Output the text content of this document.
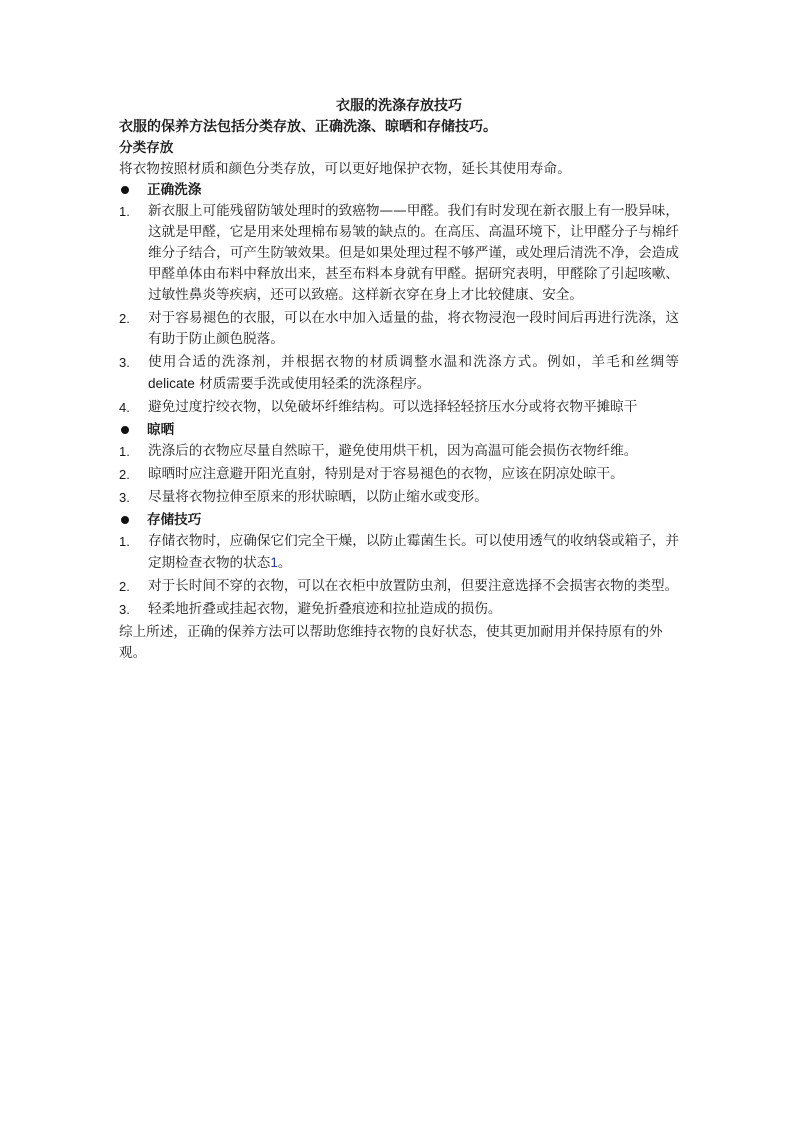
衣服的洗涤存放技巧

衣服的保养方法包括分类存放、正确洗涤、晾晒和存储技巧。

分类存放

将衣物按照材质和颜色分类存放，可以更好地保护衣物，延长其使用寿命。

正确洗涤

1. 新衣服上可能残留防皱处理时的致癌物——甲醛。我们有时发现在新衣服上有一股异味，这就是甲醛，它是用来处理棉布易皱的缺点的。在高压、高温环境下，让甲醛分子与棉纤维分子结合，可产生防皱效果。但是如果处理过程不够严谨，或处理后清洗不净，会造成甲醛单体由布料中释放出来，甚至布料本身就有甲醛。据研究表明，甲醛除了引起咳嗽、过敏性鼻炎等疾病，还可以致癌。这样新衣穿在身上才比较健康、安全。
2. 对于容易褪色的衣服，可以在水中加入适量的盐，将衣物浸泡一段时间后再进行洗涤，这有助于防止颜色脱落。
3. 使用合适的洗涤剂，并根据衣物的材质调整水温和洗涤方式。例如，羊毛和丝绸等 delicate 材质需要手洗或使用轻柔的洗涤程序。
4. 避免过度拧绞衣物，以免破坏纤维结构。可以选择轻轻挤压水分或将衣物平摊晾干

晾晒

1. 洗涤后的衣物应尽量自然晾干，避免使用烘干机，因为高温可能会损伤衣物纤维。
2. 晾晒时应注意避开阳光直射，特别是对于容易褪色的衣物，应该在阴凉处晾干。
3. 尽量将衣物拉伸至原来的形状晾晒，以防止缩水或变形。

存储技巧

1. 存储衣物时，应确保它们完全干燥，以防止霉菌生长。可以使用透气的收纳袋或箱子，并定期检查衣物的状态1。
2. 对于长时间不穿的衣物，可以在衣柜中放置防虫剂，但要注意选择不会损害衣物的类型。
3. 轻柔地折叠或挂起衣物，避免折叠痕迹和拉扯造成的损伤。

综上所述，正确的保养方法可以帮助您维持衣物的良好状态，使其更加耐用并保持原有的外观。
